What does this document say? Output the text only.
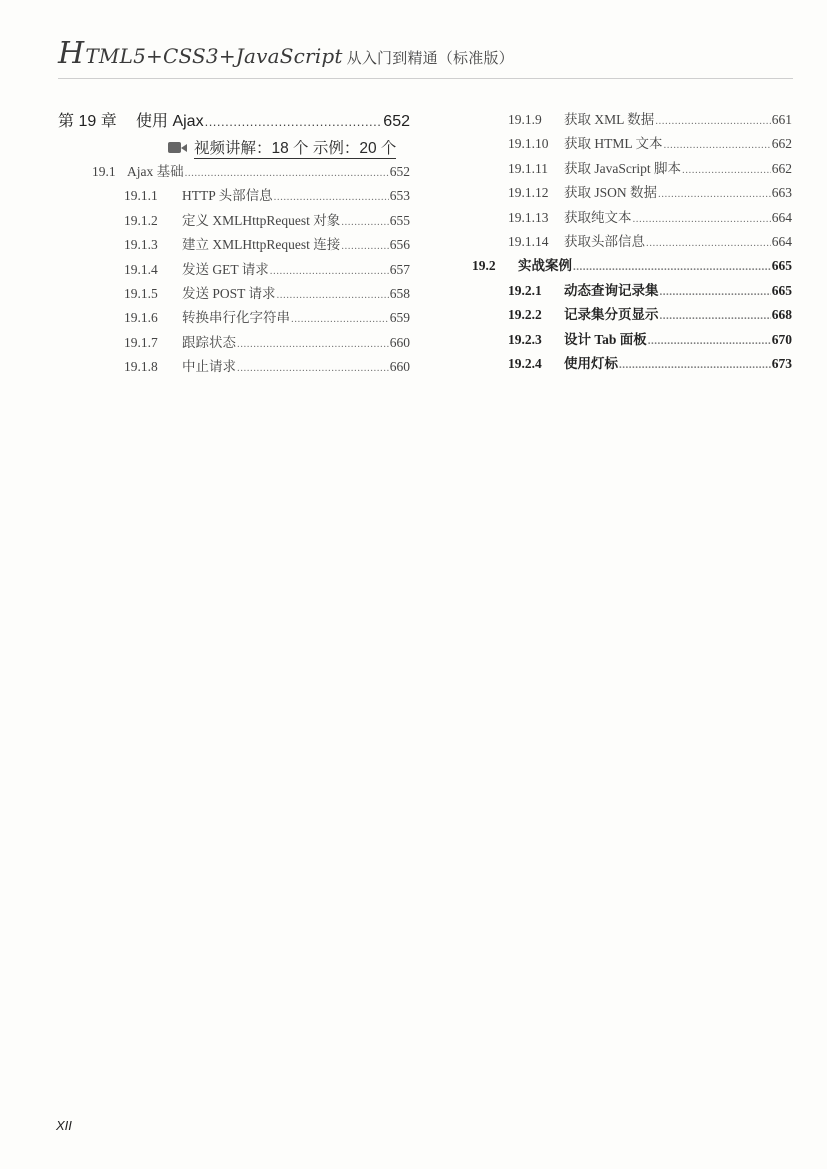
HTML5+CSS3+JavaScript 从入门到精通（标准版）
第 19 章	使用 Ajax .....	652
视频讲解：18 个 示例：20 个
19.1 Ajax 基础 .....	652
19.1.1	HTTP 头部信息 .....	653
19.1.2	定义 XMLHttpRequest 对象 .....	655
19.1.3	建立 XMLHttpRequest 连接 .....	656
19.1.4	发送 GET 请求 .....	657
19.1.5	发送 POST 请求 .....	658
19.1.6	转换串行化字符串 .....	659
19.1.7	跟踪状态 .....	660
19.1.8	中止请求 .....	660
19.1.9	获取 XML 数据 .....	661
19.1.10	获取 HTML 文本 .....	662
19.1.11	获取 JavaScript 脚本 .....	662
19.1.12	获取 JSON 数据 .....	663
19.1.13	获取纯文本 .....	664
19.1.14	获取头部信息 .....	664
19.2	实战案例 .....	665
19.2.1	动态查询记录集 .....	665
19.2.2	记录集分页显示 .....	668
19.2.3	设计 Tab 面板 .....	670
19.2.4	使用灯标 .....	673
XII
